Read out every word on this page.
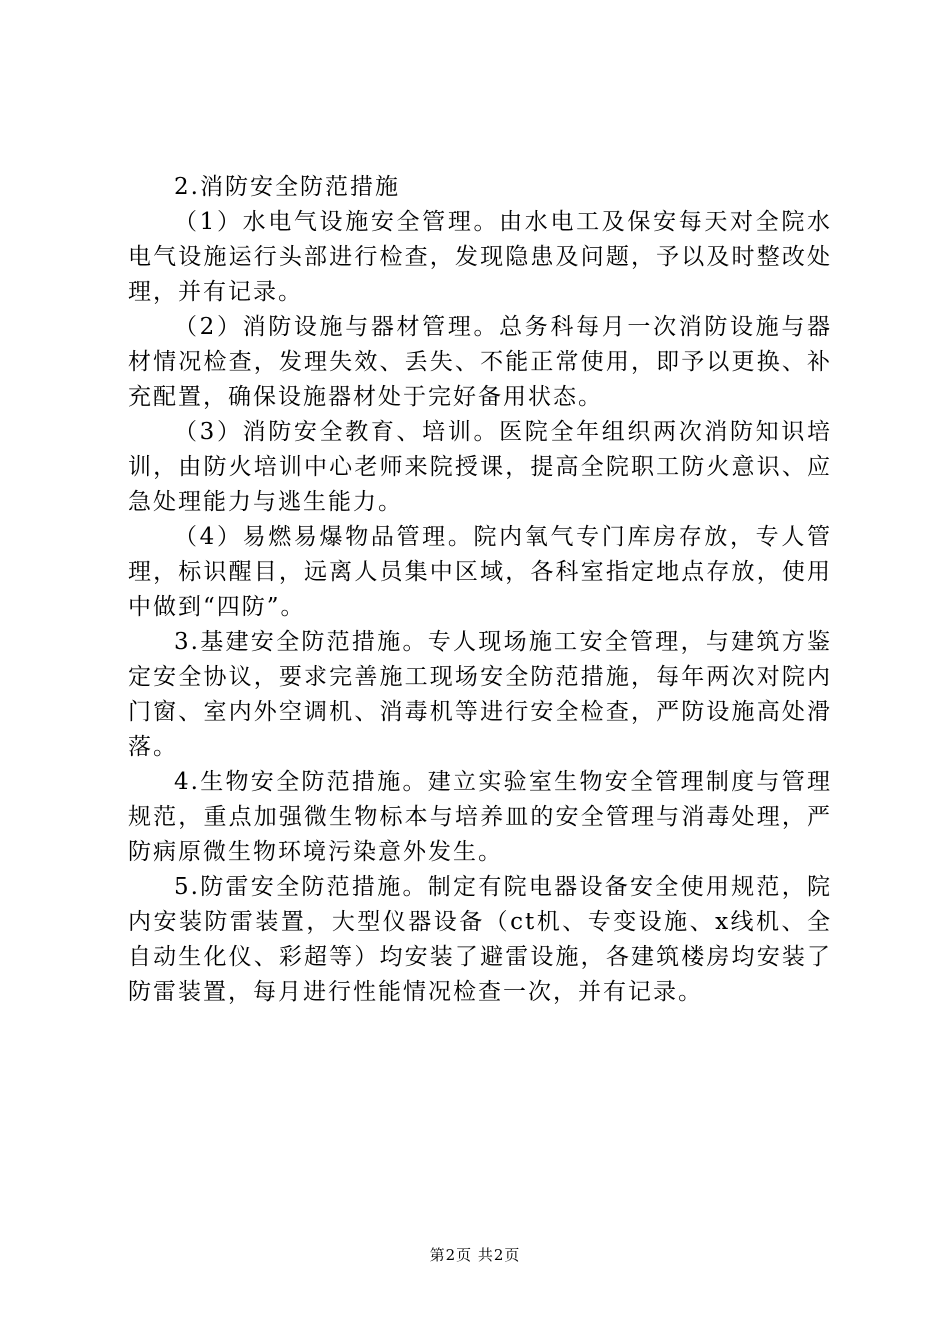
2.消防安全防范措施

（1）水电气设施安全管理。由水电工及保安每天对全院水电气设施运行头部进行检查，发现隐患及问题，予以及时整改处理，并有记录。

（2）消防设施与器材管理。总务科每月一次消防设施与器材情况检查，发理失效、丢失、不能正常使用，即予以更换、补充配置，确保设施器材处于完好备用状态。

（3）消防安全教育、培训。医院全年组织两次消防知识培训，由防火培训中心老师来院授课，提高全院职工防火意识、应急处理能力与逃生能力。

（4）易燃易爆物品管理。院内氧气专门库房存放，专人管理，标识醒目，远离人员集中区域，各科室指定地点存放，使用中做到“四防”。

3.基建安全防范措施。专人现场施工安全管理，与建筑方鉴定安全协议，要求完善施工现场安全防范措施，每年两次对院内门窗、室内外空调机、消毒机等进行安全检查，严防设施高处滑落。

4.生物安全防范措施。建立实验室生物安全管理制度与管理规范，重点加强微生物标本与培养皿的安全管理与消毒处理，严防病原微生物环境污染意外发生。

5.防雷安全防范措施。制定有院电器设备安全使用规范，院内安装防雷装置，大型仪器设备（ct机、专变设施、x线机、全自动生化仪、彩超等）均安装了避雷设施，各建筑楼房均安装了防雷装置，每月进行性能情况检查一次，并有记录。

第2页 共2页
